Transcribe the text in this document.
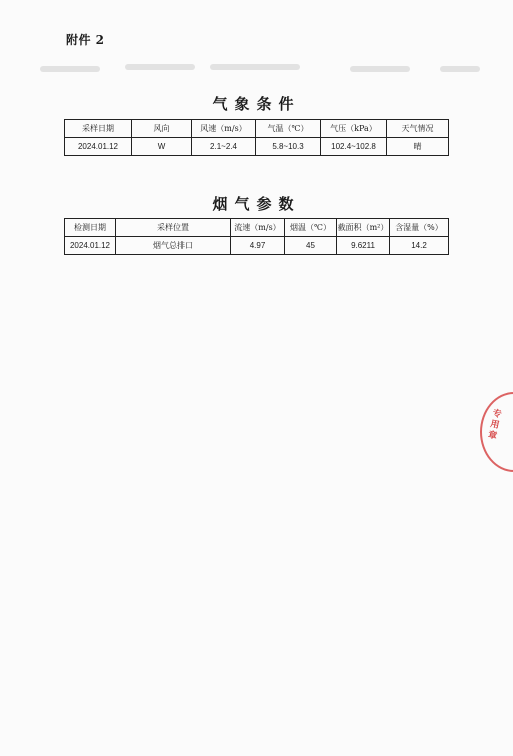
附件 2
气象条件
采样日期	风向	风速（m/s）	气温（℃）	气压（kPa）	天气情况
2024.01.12	W	2.1~2.4	5.8~10.3	102.4~102.8	晴
烟气参数
检测日期	采样位置	流速（m/s）	烟温（℃）	截面积（m²）	含湿量（%）
2024.01.12	烟气总排口	4.97	45	9.6211	14.2
专用章
